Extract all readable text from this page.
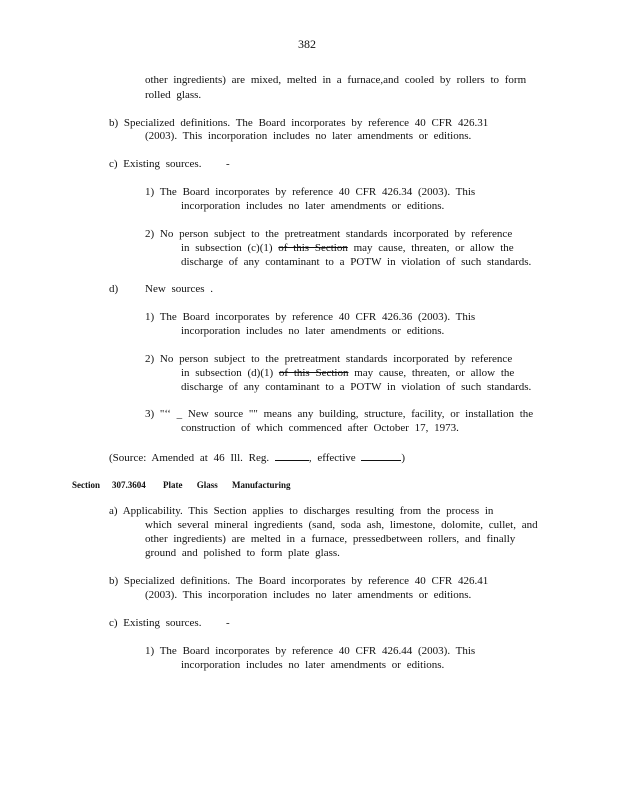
382
other ingredients) are mixed, melted in a furnace,and cooled by rollers to form
rolled glass.
b) Specialized definitions. The Board incorporates by reference 40 CFR 426.31
(2003). This incorporation includes no later amendments or editions.
c) Existing sources. -
1) The Board incorporates by reference 40 CFR 426.34 (2003). This
incorporation includes no later amendments or editions.
2) No person subject to the pretreatment standards incorporated by reference
in subsection (c)(1) of this Section may cause, threaten, or allow the
discharge of any contaminant to a POTW in violation of such standards.
d) New sources .
1) The Board incorporates by reference 40 CFR 426.36 (2003). This
incorporation includes no later amendments or editions.
2) No person subject to the pretreatment standards incorporated by reference
in subsection (d)(1) of this Section may cause, threaten, or allow the
discharge of any contaminant to a POTW in violation of such standards.
3) "‘‘ _ New source "" means any building, structure, facility, or installation the
construction of which commenced after October 17, 1973.
(Source: Amended at 46 Ill. Reg.	, effective	)
Section 307.3604 Plate Glass Manufacturing
a) Applicability. This Section applies to discharges resulting from the process in
which several mineral ingredients (sand, soda ash, limestone, dolomite, cullet, and
other ingredients) are melted in a furnace, pressedbetween rollers, and finally
ground and polished to form plate glass.
b) Specialized definitions. The Board incorporates by reference 40 CFR 426.41
(2003). This incorporation includes no later amendments or editions.
c) Existing sources. -
1) The Board incorporates by reference 40 CFR 426.44 (2003). This
incorporation includes no later amendments or editions.
